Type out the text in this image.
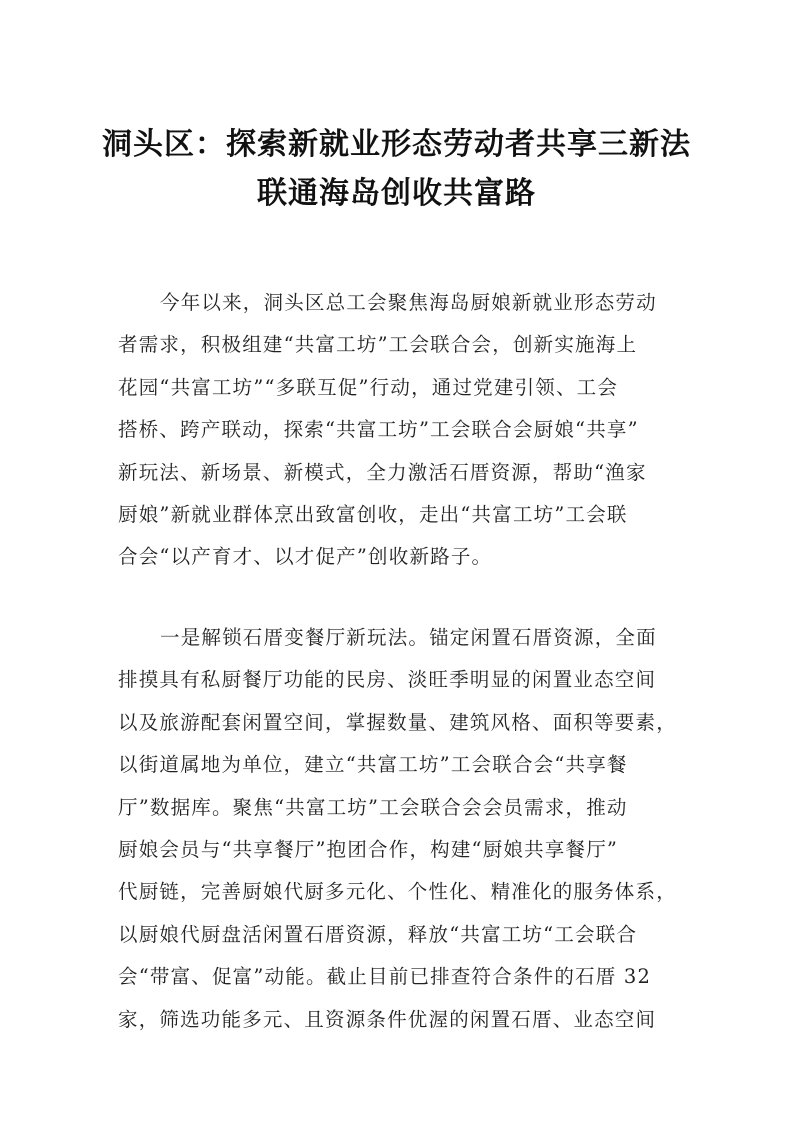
洞头区：探索新就业形态劳动者共享三新法
联通海岛创收共富路
今年以来，洞头区总工会聚焦海岛厨娘新就业形态劳动
者需求，积极组建“共富工坊”工会联合会，创新实施海上
花园“共富工坊”“多联互促”行动，通过党建引领、工会
搭桥、跨产联动，探索“共富工坊”工会联合会厨娘“共享”
新玩法、新场景、新模式，全力激活石厝资源，帮助“渔家
厨娘”新就业群体烹出致富创收，走出“共富工坊”工会联
合会“以产育才、以才促产”创收新路子。
一是解锁石厝变餐厅新玩法。锚定闲置石厝资源，全面
排摸具有私厨餐厅功能的民房、淡旺季明显的闲置业态空间
以及旅游配套闲置空间，掌握数量、建筑风格、面积等要素，
以街道属地为单位，建立“共富工坊”工会联合会“共享餐
厅”数据库。聚焦“共富工坊”工会联合会会员需求，推动
厨娘会员与“共享餐厅”抱团合作，构建“厨娘共享餐厅”
代厨链，完善厨娘代厨多元化、个性化、精准化的服务体系，
以厨娘代厨盘活闲置石厝资源，释放“共富工坊“工会联合
会“带富、促富”动能。截止目前已排查符合条件的石厝 32
家，筛选功能多元、且资源条件优渥的闲置石厝、业态空间
